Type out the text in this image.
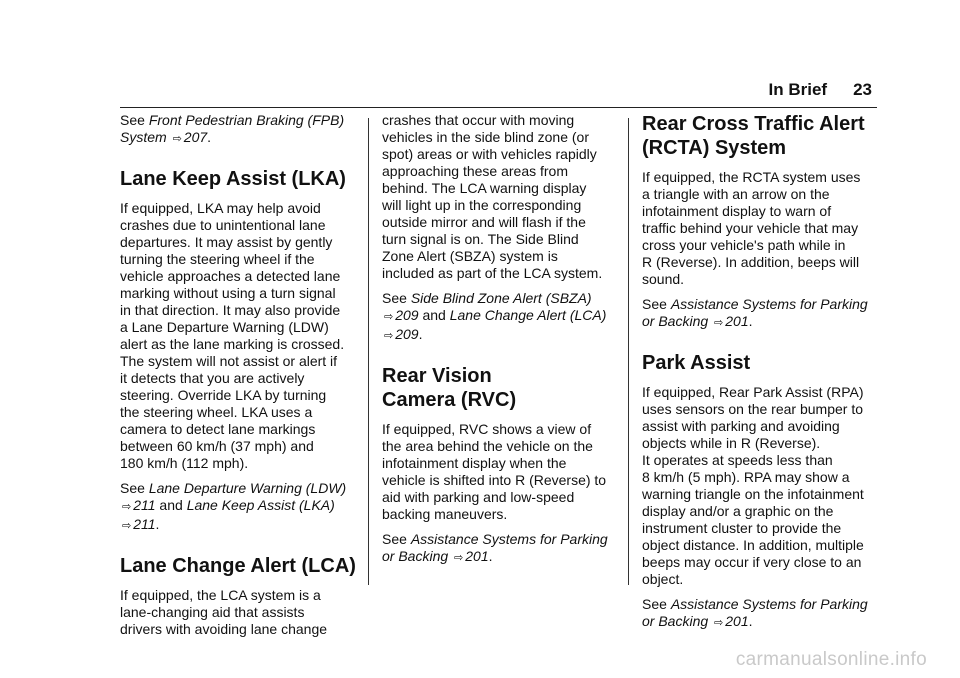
In Brief 23

See Front Pedestrian Braking (FPB)
System ⇨ 207.

Lane Keep Assist (LKA)

If equipped, LKA may help avoid
crashes due to unintentional lane
departures. It may assist by gently
turning the steering wheel if the
vehicle approaches a detected lane
marking without using a turn signal
in that direction. It may also provide
a Lane Departure Warning (LDW)
alert as the lane marking is crossed.
The system will not assist or alert if
it detects that you are actively
steering. Override LKA by turning
the steering wheel. LKA uses a
camera to detect lane markings
between 60 km/h (37 mph) and
180 km/h (112 mph).

See Lane Departure Warning (LDW)
⇨ 211 and Lane Keep Assist (LKA)
⇨ 211.

Lane Change Alert (LCA)

If equipped, the LCA system is a
lane-changing aid that assists
drivers with avoiding lane change

crashes that occur with moving
vehicles in the side blind zone (or
spot) areas or with vehicles rapidly
approaching these areas from
behind. The LCA warning display
will light up in the corresponding
outside mirror and will flash if the
turn signal is on. The Side Blind
Zone Alert (SBZA) system is
included as part of the LCA system.

See Side Blind Zone Alert (SBZA)
⇨ 209 and Lane Change Alert (LCA)
⇨ 209.

Rear Vision
Camera (RVC)

If equipped, RVC shows a view of
the area behind the vehicle on the
infotainment display when the
vehicle is shifted into R (Reverse) to
aid with parking and low-speed
backing maneuvers.

See Assistance Systems for Parking
or Backing ⇨ 201.

Rear Cross Traffic Alert
(RCTA) System

If equipped, the RCTA system uses
a triangle with an arrow on the
infotainment display to warn of
traffic behind your vehicle that may
cross your vehicle's path while in
R (Reverse). In addition, beeps will
sound.

See Assistance Systems for Parking
or Backing ⇨ 201.

Park Assist

If equipped, Rear Park Assist (RPA)
uses sensors on the rear bumper to
assist with parking and avoiding
objects while in R (Reverse).
It operates at speeds less than
8 km/h (5 mph). RPA may show a
warning triangle on the infotainment
display and/or a graphic on the
instrument cluster to provide the
object distance. In addition, multiple
beeps may occur if very close to an
object.

See Assistance Systems for Parking
or Backing ⇨ 201.

carmanualsonline.info
